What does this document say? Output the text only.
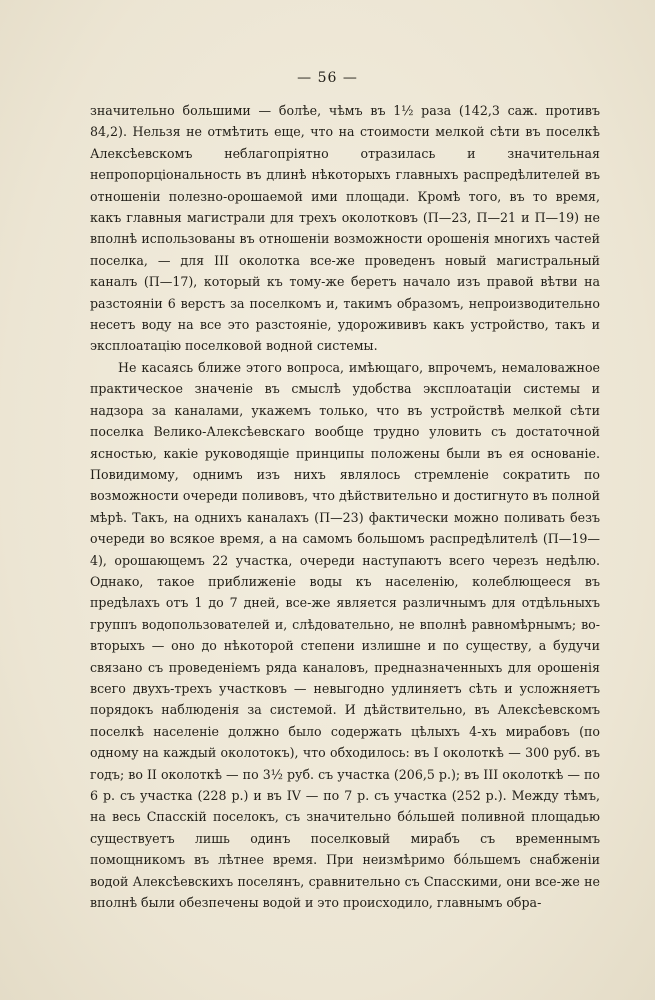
— 56 —

значительно большими — болѣе, чѣмъ въ 1½ раза (142,3 саж. противъ 84,2). Нельзя не отмѣтить еще, что на стоимости мелкой сѣти въ поселкѣ Алексѣевскомъ неблагопріятно отразилась и значительная непропорціональность въ длинѣ нѣкоторыхъ главныхъ распредѣлителей въ отношеніи полезно-орошаемой ими площади. Кромѣ того, въ то время, какъ главныя магистрали для трехъ околотковъ (П—23, П—21 и П—19) не вполнѣ использованы въ отношеніи возможности орошенія многихъ частей поселка, — для III околотка все-же проведенъ новый магистральный каналъ (П—17), который къ тому-же беретъ начало изъ правой вѣтви на разстояніи 6 верстъ за поселкомъ и, такимъ образомъ, непроизводительно несетъ воду на все это разстояніе, удорожививъ какъ устройство, такъ и эксплоатацію поселковой водной системы.

Не касаясь ближе этого вопроса, имѣющаго, впрочемъ, немаловажное практическое значеніе въ смыслѣ удобства эксплоатаціи системы и надзора за каналами, укажемъ только, что въ устройствѣ мелкой сѣти поселка Велико-Алексѣевскаго вообще трудно уловить съ достаточной ясностью, какіе руководящіе принципы положены были въ ея основаніе. Повидимому, однимъ изъ нихъ являлось стремленіе сократить по возможности очереди поливовъ, что дѣйствительно и достигнуто въ полной мѣрѣ. Такъ, на однихъ каналахъ (П—23) фактически можно поливать безъ очереди во всякое время, а на самомъ большомъ распредѣлителѣ (П—19—4), орошающемъ 22 участка, очереди наступаютъ всего черезъ недѣлю. Однако, такое приближеніе воды къ населенію, колеблющееся въ предѣлахъ отъ 1 до 7 дней, все-же является различнымъ для отдѣльныхъ группъ водопользователей и, слѣдовательно, не вполнѣ равномѣрнымъ; во-вторыхъ — оно до нѣкоторой степени излишне и по существу, а будучи связано съ проведеніемъ ряда каналовъ, предназначенныхъ для орошенія всего двухъ-трехъ участковъ — невыгодно удлиняетъ сѣть и усложняетъ порядокъ наблюденія за системой. И дѣйствительно, въ Алексѣевскомъ поселкѣ населеніе должно было содержать цѣлыхъ 4-хъ мирабовъ (по одному на каждый околотокъ), что обходилось: въ I околоткѣ — 300 руб. въ годъ; во II околоткѣ — по 3½ руб. съ участка (206,5 р.); въ III околоткѣ — по 6 р. съ участка (228 р.) и въ IV — по 7 р. съ участка (252 р.). Между тѣмъ, на весь Спасскій поселокъ, съ значительно бóльшей поливной площадью существуетъ лишь одинъ поселковый мирабъ съ временнымъ помощникомъ въ лѣтнее время. При неизмѣримо бóльшемъ снабженіи водой Алексѣевскихъ поселянъ, сравнительно съ Спасскими, они все-же не вполнѣ были обезпечены водой и это происходило, главнымъ обра-
